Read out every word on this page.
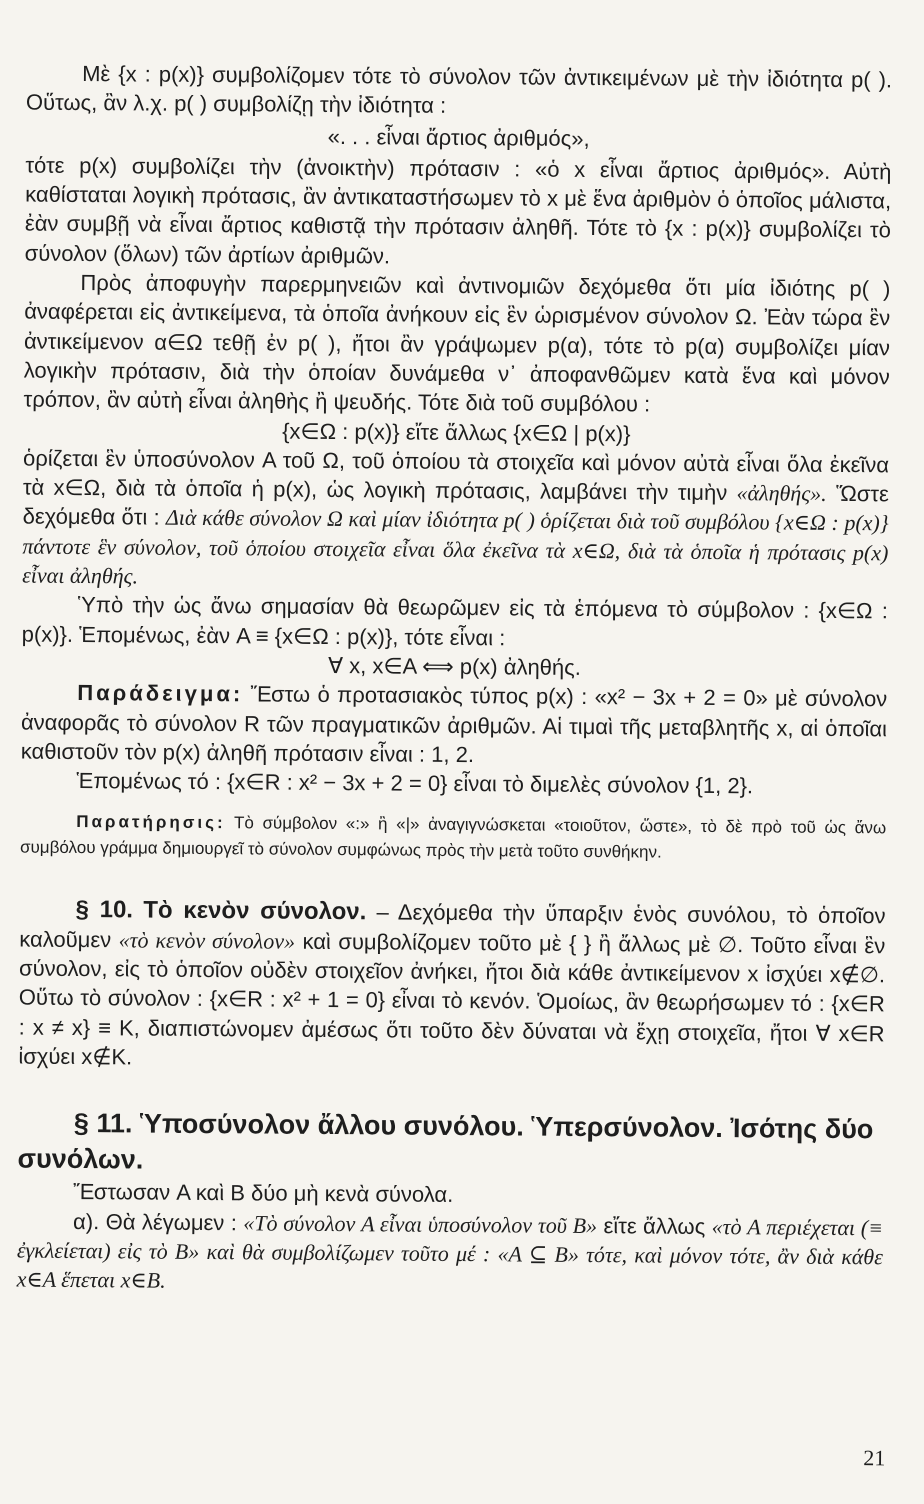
Μὲ {x : p(x)} συμβολίζομεν τότε τὸ σύνολον τῶν ἀντικειμένων μὲ τὴν ἰδιότητα p( ). Οὕτως, ἂν λ.χ. p( ) συμβολίζῃ τὴν ἰδιότητα :

«. . . εἶναι ἄρτιος ἀριθμός»,

τότε p(x) συμβολίζει τὴν (ἀνοικτὴν) πρότασιν : «ὁ x εἶναι ἄρτιος ἀριθμός». Αὐτὴ καθίσταται λογικὴ πρότασις, ἂν ἀντικαταστήσωμεν τὸ x μὲ ἕνα ἀριθμὸν ὁ ὁποῖος μάλιστα, ἐὰν συμβῇ νὰ εἶναι ἄρτιος καθιστᾷ τὴν πρότασιν ἀληθῆ. Τότε τὸ {x : p(x)} συμβολίζει τὸ σύνολον (ὅλων) τῶν ἀρτίων ἀριθμῶν.

Πρὸς ἀποφυγὴν παρερμηνειῶν καὶ ἀντινομιῶν δεχόμεθα ὅτι μία ἰδιότης p( ) ἀναφέρεται εἰς ἀντικείμενα, τὰ ὁποῖα ἀνήκουν εἰς ἓν ὡρισμένον σύνολον Ω. Ἐὰν τώρα ἓν ἀντικείμενον α∈Ω τεθῇ ἐν p( ), ἤτοι ἂν γράψωμεν p(α), τότε τὸ p(α) συμβολίζει μίαν λογικὴν πρότασιν, διὰ τὴν ὁποίαν δυνάμεθα ν᾽ ἀποφανθῶμεν κατὰ ἕνα καὶ μόνον τρόπον, ἂν αὐτὴ εἶναι ἀληθὴς ἢ ψευδής. Τότε διὰ τοῦ συμβόλου :

{x∈Ω : p(x)} εἴτε ἄλλως {x∈Ω | p(x)}

ὁρίζεται ἓν ὑποσύνολον A τοῦ Ω, τοῦ ὁποίου τὰ στοιχεῖα καὶ μόνον αὐτὰ εἶναι ὅλα ἐκεῖνα τὰ x∈Ω, διὰ τὰ ὁποῖα ἡ p(x), ὡς λογικὴ πρότασις, λαμβάνει τὴν τιμὴν «ἀληθής». Ὥστε δεχόμεθα ὅτι : Διὰ κάθε σύνολον Ω καὶ μίαν ἰδιότητα p( ) ὁρίζεται διὰ τοῦ συμβόλου {x∈Ω : p(x)} πάντοτε ἓν σύνολον, τοῦ ὁποίου στοιχεῖα εἶναι ὅλα ἐκεῖνα τὰ x∈Ω, διὰ τὰ ὁποῖα ἡ πρότασις p(x) εἶναι ἀληθής.

Ὑπὸ τὴν ὡς ἄνω σημασίαν θὰ θεωρῶμεν εἰς τὰ ἑπόμενα τὸ σύμβολον : {x∈Ω : p(x)}. Ἑπομένως, ἐὰν A ≡ {x∈Ω : p(x)}, τότε εἶναι :

∀ x, x∈A ⟺ p(x) ἀληθής.

Παράδειγμα: Ἔστω ὁ προτασιακὸς τύπος p(x) : «x² − 3x + 2 = 0» μὲ σύνολον ἀναφορᾶς τὸ σύνολον R τῶν πραγματικῶν ἀριθμῶν. Αἱ τιμαὶ τῆς μεταβλητῆς x, αἱ ὁποῖαι καθιστοῦν τὸν p(x) ἀληθῆ πρότασιν εἶναι : 1, 2.

Ἑπομένως τό : {x∈R : x² − 3x + 2 = 0} εἶναι τὸ διμελὲς σύνολον {1, 2}.

Παρατήρησις: Τὸ σύμβολον «:» ἢ «|» ἀναγιγνώσκεται «τοιοῦτον, ὥστε», τὸ δὲ πρὸ τοῦ ὡς ἄνω συμβόλου γράμμα δημιουργεῖ τὸ σύνολον συμφώνως πρὸς τὴν μετὰ τοῦτο συνθήκην.

§ 10. Τὸ κενὸν σύνολον. – Δεχόμεθα τὴν ὕπαρξιν ἑνὸς συνόλου, τὸ ὁποῖον καλοῦμεν «τὸ κενὸν σύνολον» καὶ συμβολίζομεν τοῦτο μὲ { } ἢ ἄλλως μὲ ∅. Τοῦτο εἶναι ἓν σύνολον, εἰς τὸ ὁποῖον οὐδὲν στοιχεῖον ἀνήκει, ἤτοι διὰ κάθε ἀντικείμενον x ἰσχύει x∉∅. Οὕτω τὸ σύνολον : {x∈R : x² + 1 = 0} εἶναι τὸ κενόν. Ὁμοίως, ἂν θεωρήσωμεν τό : {x∈R : x ≠ x} ≡ K, διαπιστώνομεν ἀμέσως ὅτι τοῦτο δὲν δύναται νὰ ἔχῃ στοιχεῖα, ἤτοι ∀ x∈R ἰσχύει x∉K.

§ 11. Ὑποσύνολον ἄλλου συνόλου. Ὑπερσύνολον. Ἰσότης δύο συνόλων.

Ἔστωσαν A καὶ B δύο μὴ κενὰ σύνολα.

α). Θὰ λέγωμεν : «Τὸ σύνολον A εἶναι ὑποσύνολον τοῦ B» εἴτε ἄλλως «τὸ A περιέχεται (≡ ἐγκλείεται) εἰς τὸ B» καὶ θὰ συμβολίζωμεν τοῦτο μέ : «A ⊆ B» τότε, καὶ μόνον τότε, ἂν διὰ κάθε x∈A ἕπεται x∈B.

21
